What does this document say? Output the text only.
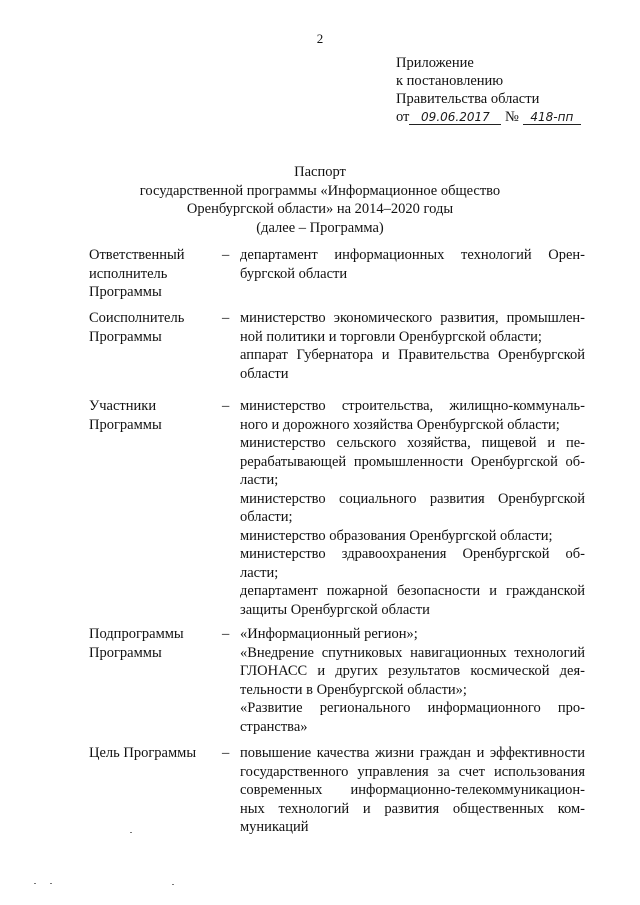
2
Приложение
к постановлению
Правительства области
от 09.06.2017 № 418-пп
Паспорт
государственной программы «Информационное общество
Оренбургской области» на 2014–2020 годы
(далее – Программа)
Ответственный
исполнитель
Программы
– департамент информационных технологий Орен-
бургской области
Соисполнитель
Программы
– министерство экономического развития, промышлен-
ной политики и торговли Оренбургской области;
аппарат Губернатора и Правительства Оренбургской
области
Участники
Программы
– министерство строительства, жилищно-коммуналь-
ного и дорожного хозяйства Оренбургской области;
министерство сельского хозяйства, пищевой и пе-
рерабатывающей промышленности Оренбургской об-
ласти;
министерство социального развития Оренбургской
области;
министерство образования Оренбургской области;
министерство здравоохранения Оренбургской об-
ласти;
департамент пожарной безопасности и гражданской
защиты Оренбургской области
Подпрограммы
Программы
– «Информационный регион»;
«Внедрение спутниковых навигационных технологий
ГЛОНАСС и других результатов космической дея-
тельности в Оренбургской области»;
«Развитие регионального информационного про-
странства»
Цель Программы	– повышение качества жизни граждан и эффективности
государственного управления за счет использования
современных информационно-телекоммуникацион-
ных технологий и развития общественных ком-
муникаций
